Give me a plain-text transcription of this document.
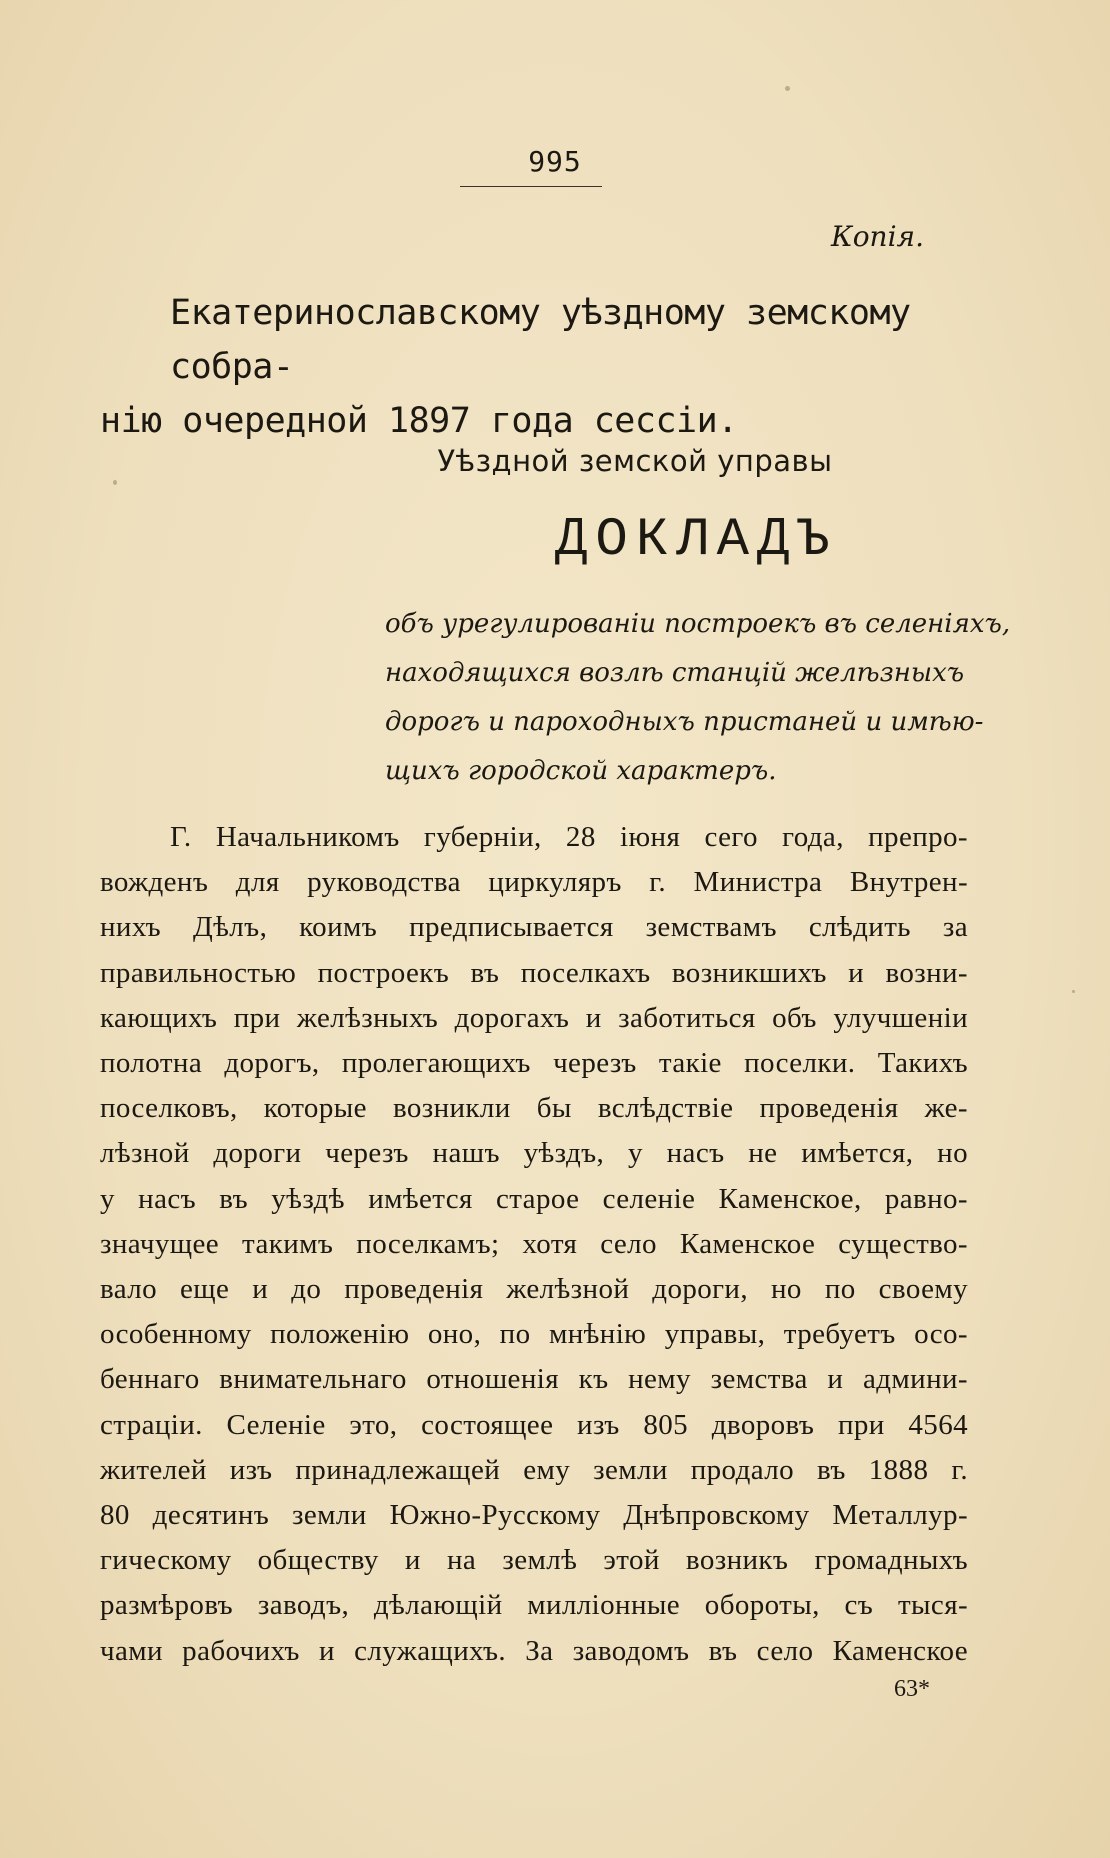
995
Копія.
Екатеринославскому уѣздному земскому собра-
нію очередной 1897 года сессіи.
Уѣздной земской управы
ДОКЛАДЪ
объ урегулированіи построекъ въ селеніяхъ,
находящихся возлѣ станцій желѣзныхъ
дорогъ и пароходныхъ пристаней и имѣю-
щихъ городской характеръ.
Г. Начальникомъ губерніи, 28 іюня сего года, препро-
вожденъ для руководства циркуляръ г. Министра Внутрен-
нихъ Дѣлъ, коимъ предписывается земствамъ слѣдить за
правильностью построекъ въ поселкахъ возникшихъ и возни-
кающихъ при желѣзныхъ дорогахъ и заботиться объ улучшеніи
полотна дорогъ, пролегающихъ черезъ такіе поселки. Такихъ
поселковъ, которые возникли бы вслѣдствіе проведенія же-
лѣзной дороги черезъ нашъ уѣздъ, у насъ не имѣется, но
у насъ въ уѣздѣ имѣется старое селеніе Каменское, равно-
значущее такимъ поселкамъ; хотя село Каменское существо-
вало еще и до проведенія желѣзной дороги, но по своему
особенному положенію оно, по мнѣнію управы, требуетъ осо-
беннаго внимательнаго отношенія къ нему земства и админи-
страціи. Селеніе это, состоящее изъ 805 дворовъ при 4564
жителей изъ принадлежащей ему земли продало въ 1888 г.
80 десятинъ земли Южно-Русскому Днѣпровскому Металлур-
гическому обществу и на землѣ этой возникъ громадныхъ
размѣровъ заводъ, дѣлающій милліонные обороты, съ тыся-
чами рабочихъ и служащихъ. За заводомъ въ село Каменское
63*
